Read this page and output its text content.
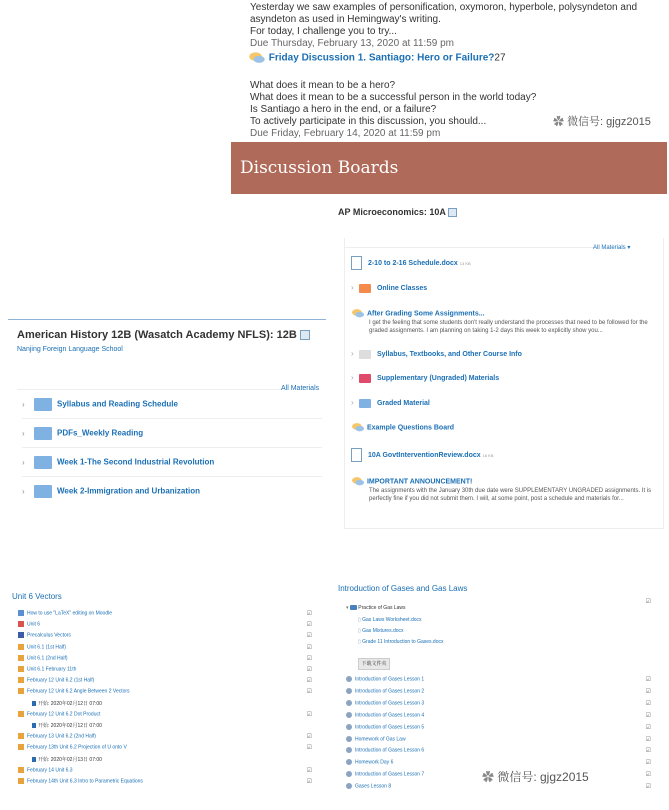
Yesterday we saw examples of personification, oxymoron, hyperbole, polysyndeton and
asyndeton as used in Hemingway's writing.
For today, I challenge you to try...
Due Thursday, February 13, 2020 at 11:59 pm
Friday Discussion 1. Santiago: Hero or Failure?27
What does it mean to be a hero?
What does it mean to be a successful person in the world today?
Is Santiago a hero in the end, or a failure?
To actively participate in this discussion, you should...
Due Friday, February 14, 2020 at 11:59 pm
✿ 微信号: gjgz2015
Discussion Boards
AP Microeconomics: 10A
All Materials ▾
2-10 to 2-16 Schedule.docx 13 KB
›	Online Classes
After Grading Some Assignments...
I get the feeling that some students don't really understand the processes that need to be followed for the graded assignments. I am planning on taking 1-2 days this week to explicitly show you...
›	Syllabus, Textbooks, and Other Course Info
›	Supplementary (Ungraded) Materials
›	Graded Material
Example Questions Board
10A GovtInterventionReview.docx 16 KB
IMPORTANT ANNOUNCEMENT!
The assignments with the January 30th due date were SUPPLEMENTARY UNGRADED assignments. It is perfectly fine if you did not submit them. I will, at some point, post a schedule and materials for...
American History 12B (Wasatch Academy NFLS): 12B
Nanjing Foreign Language School
All Materials
›	Syllabus and Reading Schedule
›	PDFs_Weekly Reading
›	Week 1-The Second Industrial Revolution
›	Week 2-Immigration and Urbanization
Unit 6 Vectors
How to use "LaTeX" editing on Moodle	☑
Unit 6	☑
Precalculus Vectors	☑
Unit 6.1 (1st Half)	☑
Unit 6.1 (2nd Half)	☑
Unit 6.1 February 11th	☑
February 12 Unit 6.2 (1st Half)	☑
February 12 Unit 6.2 Angle Between 2 Vectors	☑
开始: 2020年02月12日 07:00
February 12 Unit 6.2 Dot Product	☑
开始: 2020年02月12日 07:00
February 13 Unit 6.2 (2nd Half)	☑
February 13th Unit 6.2 Projection of U onto V	☑
开始: 2020年02月13日 07:00
February 14 Unit 6.3	☑
February 14th Unit 6.3 Intro to Parametric Equations	☑
Introduction of Gases and Gas Laws
▾  Practice of Gas Laws
☑
▯ Gas Laws Worksheet.docx
▯ Gas Mixtures.docx
▯ Grade 11 Introduction to Gases.docx
下载文件夹
Introduction of Gases Lesson 1	☑
Introduction of Gases Lesson 2	☑
Introduction of Gases Lesson 3	☑
Introduction of Gases Lesson 4	☑
Introduction of Gases Lesson 5	☑
Homework of Gas Law	☑
Introduction of Gases Lesson 6	☑
Homework Day 6	☑
Introduction of Gases Lesson 7	☑
Gases Lesson 8	☑
✿ 微信号: gjgz2015
